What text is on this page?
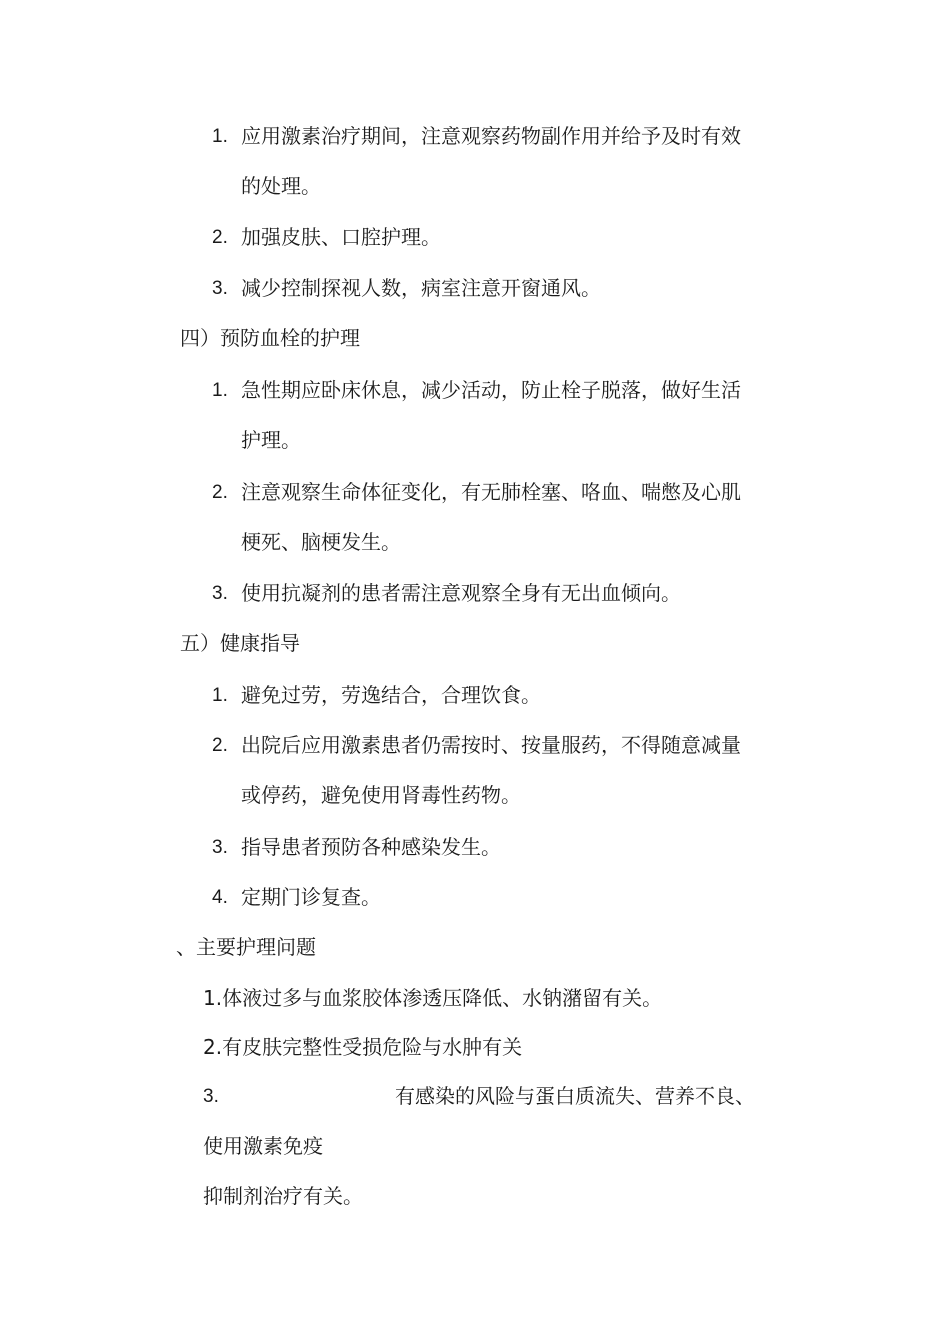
1. 应用激素治疗期间，注意观察药物副作用并给予及时有效
的处理。
2. 加强皮肤、口腔护理。
3. 减少控制探视人数，病室注意开窗通风。
四）预防血栓的护理
1. 急性期应卧床休息，减少活动，防止栓子脱落，做好生活
护理。
2. 注意观察生命体征变化，有无肺栓塞、咯血、喘憋及心肌
梗死、脑梗发生。
3. 使用抗凝剂的患者需注意观察全身有无出血倾向。
五）健康指导
1. 避免过劳，劳逸结合，合理饮食。
2. 出院后应用激素患者仍需按时、按量服药，不得随意减量
或停药，避免使用肾毒性药物。
3. 指导患者预防各种感染发生。
4. 定期门诊复查。
、主要护理问题
1.体液过多与血浆胶体渗透压降低、水钠潴留有关。
2.有皮肤完整性受损危险与水肿有关
3.	有感染的风险与蛋白质流失、营养不良、
使用激素免疫
抑制剂治疗有关。
